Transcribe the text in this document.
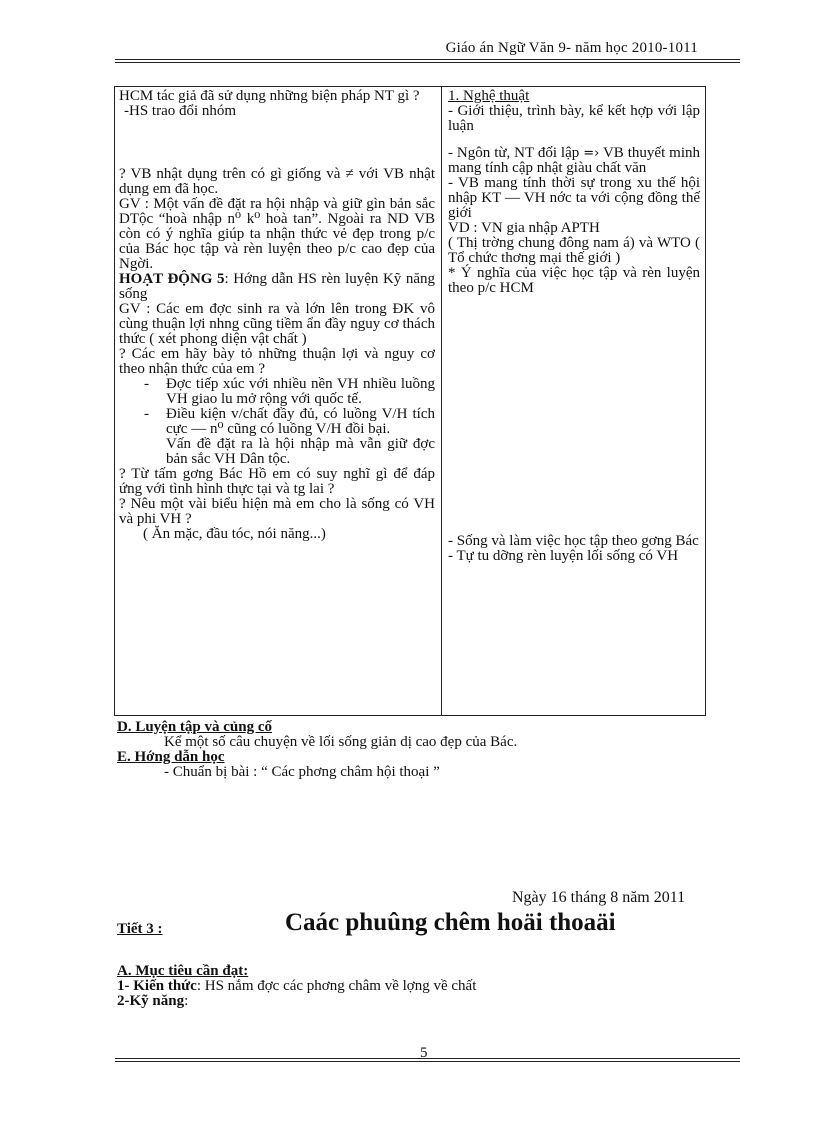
Giáo án Ngữ Văn 9- năm học 2010-1011

HCM tác giả đã sử dụng những biện pháp NT gì ?

-HS trao đổi nhóm

? VB nhật dụng trên có gì giống và ≠ với VB nhật dụng em đã học.

GV : Một vấn đề đặt ra hội nhập và giữ gìn bản sắc DTộc “hoà nhập n⁰ k⁰ hoà tan”. Ngoài ra ND VB còn có ý nghĩa giúp ta nhận thức vẻ đẹp trong p/c của Bác học tập và rèn luyện theo p/c cao đẹp của Ngời.

HOẠT ĐỘNG 5: Hớng dẫn HS rèn luyện Kỹ năng sống

GV : Các em đợc sinh ra và lớn lên trong ĐK vô cùng thuận lợi nhng cũng tiềm ẩn đầy nguy cơ thách thức ( xét phong diện vật chất )

? Các em hãy bày tỏ những thuận lợi và nguy cơ theo nhận thức của em ?

- Đợc tiếp xúc với nhiều nền VH nhiều luồng VH giao lu mở rộng với quốc tế.

- Điều kiện v/chất đầy đủ, có luồng V/H tích cực — n⁰ cũng có luồng V/H đồi bại.

Vấn đề đặt ra là hội nhập mà vẫn giữ đợc bản sắc VH Dân tộc.

? Từ tấm gơng Bác Hồ em có suy nghĩ gì để đáp ứng với tình hình thực tại và tg lai ?

? Nêu một vài biểu hiện mà em cho là sống có VH và phi VH ?

( Ăn mặc, đầu tóc, nói năng...)

1. Nghệ thuật

- Giới thiệu, trình bày, kể kết hợp với lập luận

- Ngôn từ, NT đối lập =› VB thuyết minh mang tính cập nhật giàu chất văn

- VB mang tính thời sự trong xu thế hội nhập KT — VH nớc ta với cộng đồng thế giới

VD : VN gia nhập APTH

( Thị trờng chung đông nam á) và WTO ( Tổ chức thơng mại thế giới )

* Ý nghĩa của việc học tập và rèn luyện theo p/c HCM

- Sống và làm việc học tập theo gơng Bác

- Tự tu dỡng rèn luyện lối sống có VH

D. Luyện tập và củng cố

Kể một số câu chuyện về lối sống giản dị cao đẹp của Bác.

E. Hớng dẫn học

- Chuẩn bị bài : “ Các phơng châm hội thoại ”

Ngày 16 tháng 8 năm 2011
Tiết 3 :	Caác phuûng chêm hoäi thoaäi

A. Mục tiêu cần đạt:

1- Kiến thức: HS nắm đợc các phơng châm về lợng về chất

2-Kỹ năng:

5
